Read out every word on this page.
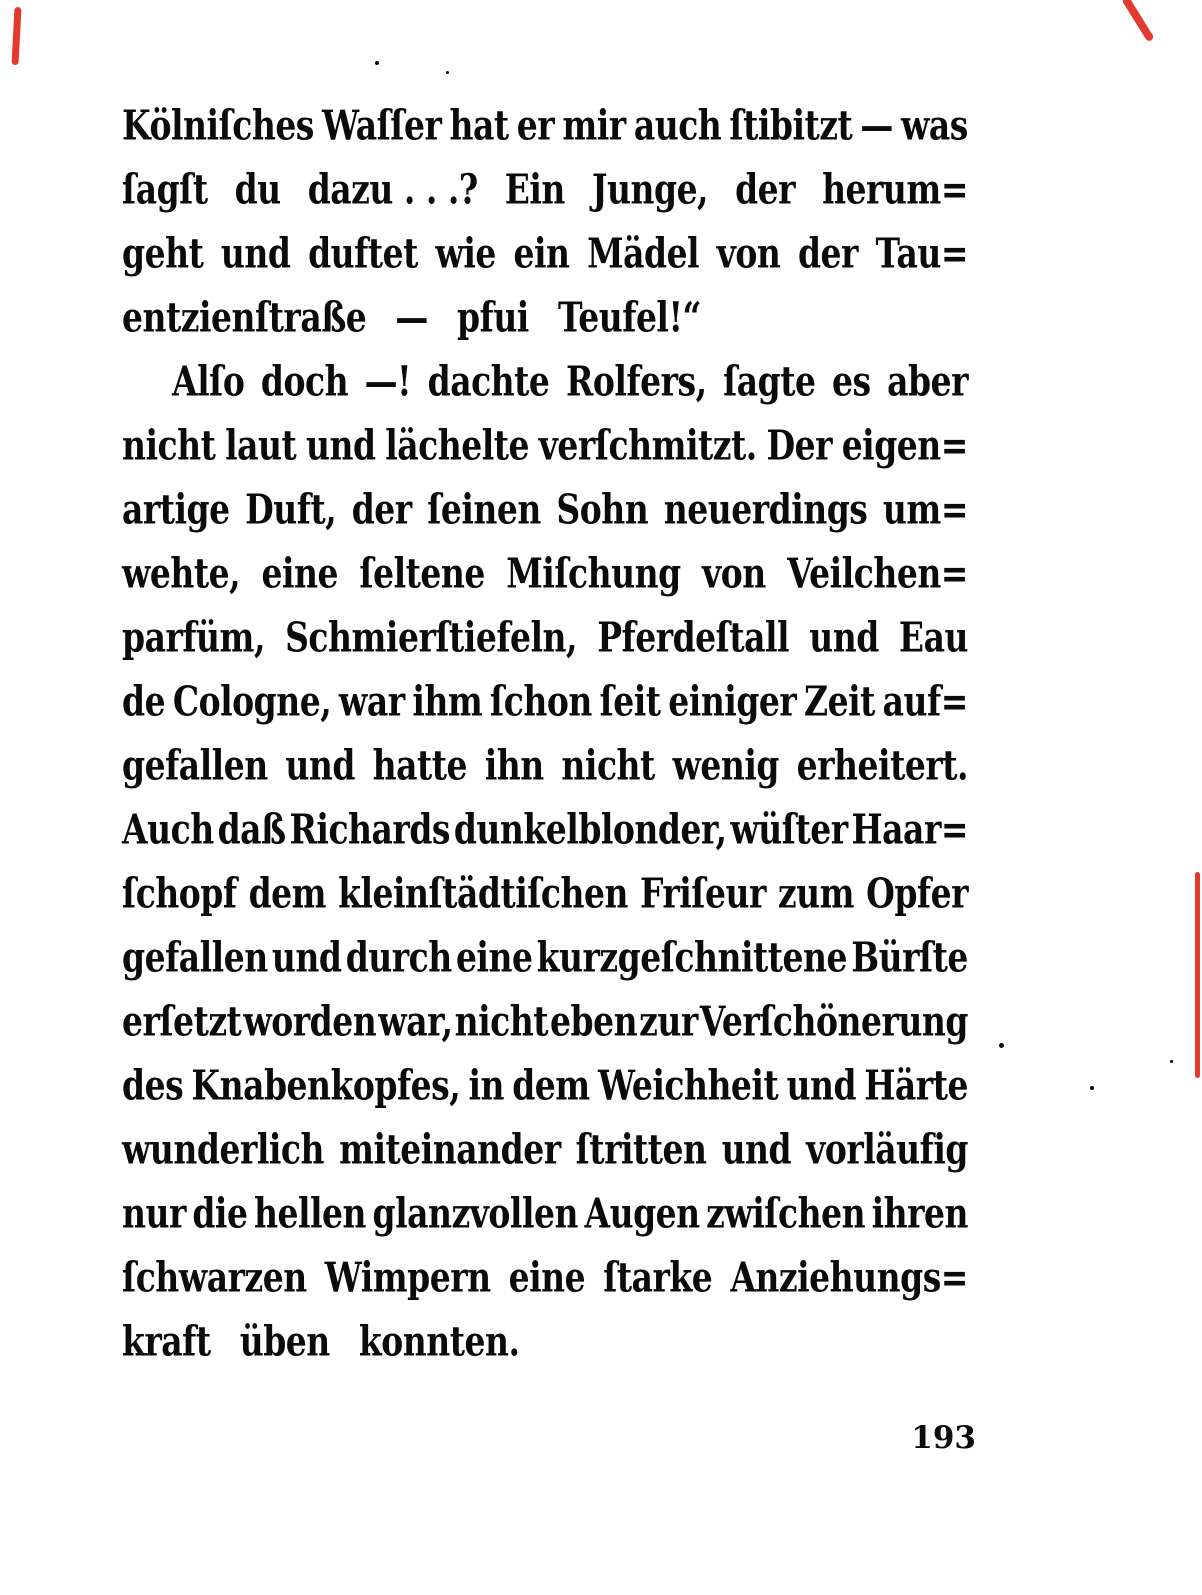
Kölniſches Waſſer hat er mir auch ſtibitzt — was
ſagſt du dazu . . .? Ein Junge, der herum=
geht und duftet wie ein Mädel von der Tau=
entzienſtraße — pfui Teufel!“
Alſo doch —! dachte Rolfers, ſagte es aber
nicht laut und lächelte verſchmitzt. Der eigen=
artige Duft, der ſeinen Sohn neuerdings um=
wehte, eine ſeltene Miſchung von Veilchen=
parfüm, Schmierſtiefeln, Pferdeſtall und Eau
de Cologne, war ihm ſchon ſeit einiger Zeit auf=
gefallen und hatte ihn nicht wenig erheitert.
Auch daß Richards dunkelblonder, wüſter Haar=
ſchopf dem kleinſtädtiſchen Friſeur zum Opfer
gefallen und durch eine kurzgeſchnittene Bürſte
erſetzt worden war, nicht eben zur Verſchönerung
des Knabenkopfes, in dem Weichheit und Härte
wunderlich miteinander ſtritten und vorläufig
nur die hellen glanzvollen Augen zwiſchen ihren
ſchwarzen Wimpern eine ſtarke Anziehungs=
kraft üben konnten.
193
